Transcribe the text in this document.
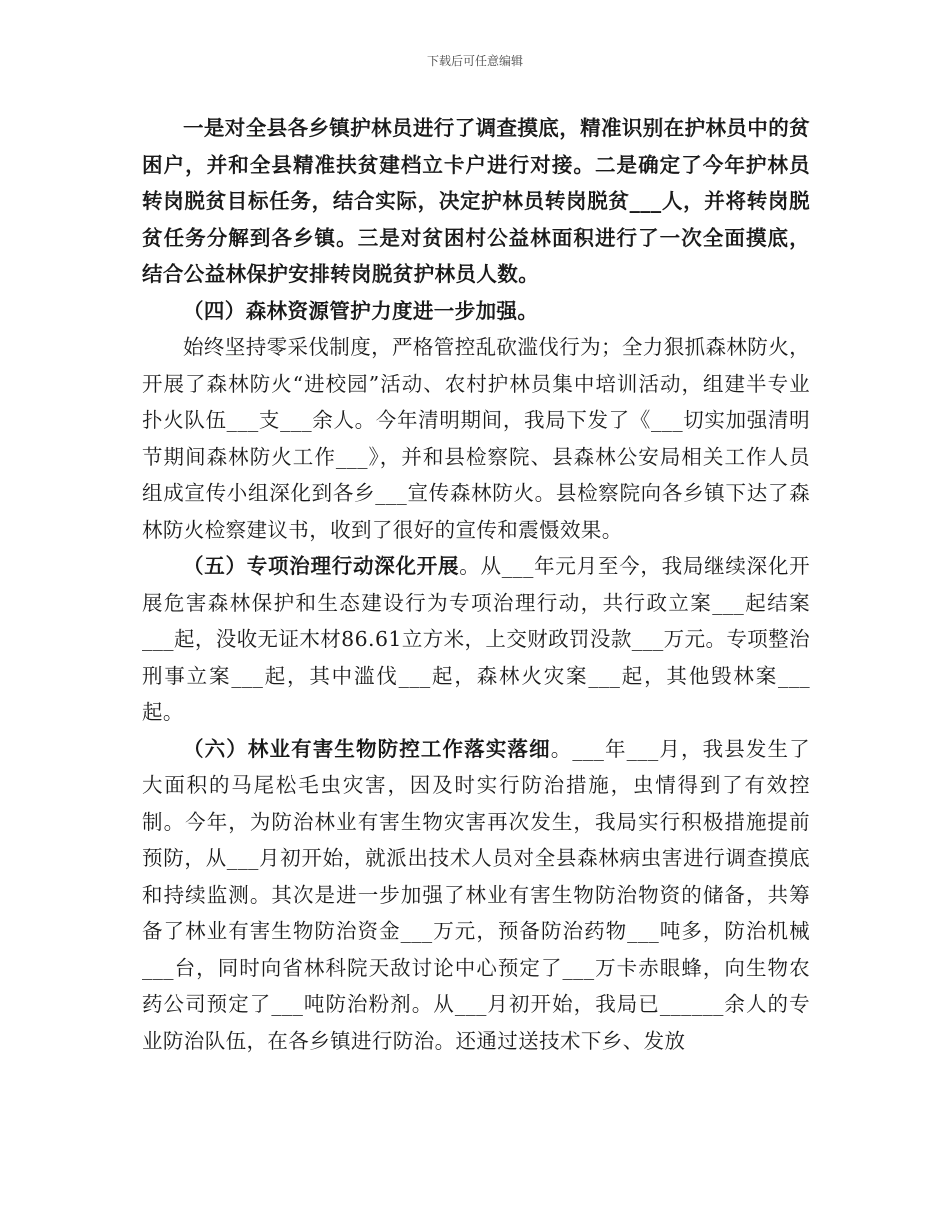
下载后可任意编辑

一是对全县各乡镇护林员进行了调查摸底，精准识别在护林员中的贫困户，并和全县精准扶贫建档立卡户进行对接。二是确定了今年护林员转岗脱贫目标任务，结合实际，决定护林员转岗脱贫___人，并将转岗脱贫任务分解到各乡镇。三是对贫困村公益林面积进行了一次全面摸底，结合公益林保护安排转岗脱贫护林员人数。

（四）森林资源管护力度进一步加强。

始终坚持零采伐制度，严格管控乱砍滥伐行为；全力狠抓森林防火，开展了森林防火“进校园”活动、农村护林员集中培训活动，组建半专业扑火队伍___支___余人。今年清明期间，我局下发了《___切实加强清明节期间森林防火工作___》，并和县检察院、县森林公安局相关工作人员组成宣传小组深化到各乡___宣传森林防火。县检察院向各乡镇下达了森林防火检察建议书，收到了很好的宣传和震慑效果。

（五）专项治理行动深化开展。从___年元月至今，我局继续深化开展危害森林保护和生态建设行为专项治理行动，共行政立案___起结案___起，没收无证木材86.61立方米，上交财政罚没款___万元。专项整治刑事立案___起，其中滥伐___起，森林火灾案___起，其他毁林案___起。

（六）林业有害生物防控工作落实落细。___年___月，我县发生了大面积的马尾松毛虫灾害，因及时实行防治措施，虫情得到了有效控制。今年，为防治林业有害生物灾害再次发生，我局实行积极措施提前预防，从___月初开始，就派出技术人员对全县森林病虫害进行调查摸底和持续监测。其次是进一步加强了林业有害生物防治物资的储备，共筹备了林业有害生物防治资金___万元，预备防治药物___吨多，防治机械___台，同时向省林科院天敌讨论中心预定了___万卡赤眼蜂，向生物农药公司预定了___吨防治粉剂。从___月初开始，我局已______余人的专业防治队伍，在各乡镇进行防治。还通过送技术下乡、发放
